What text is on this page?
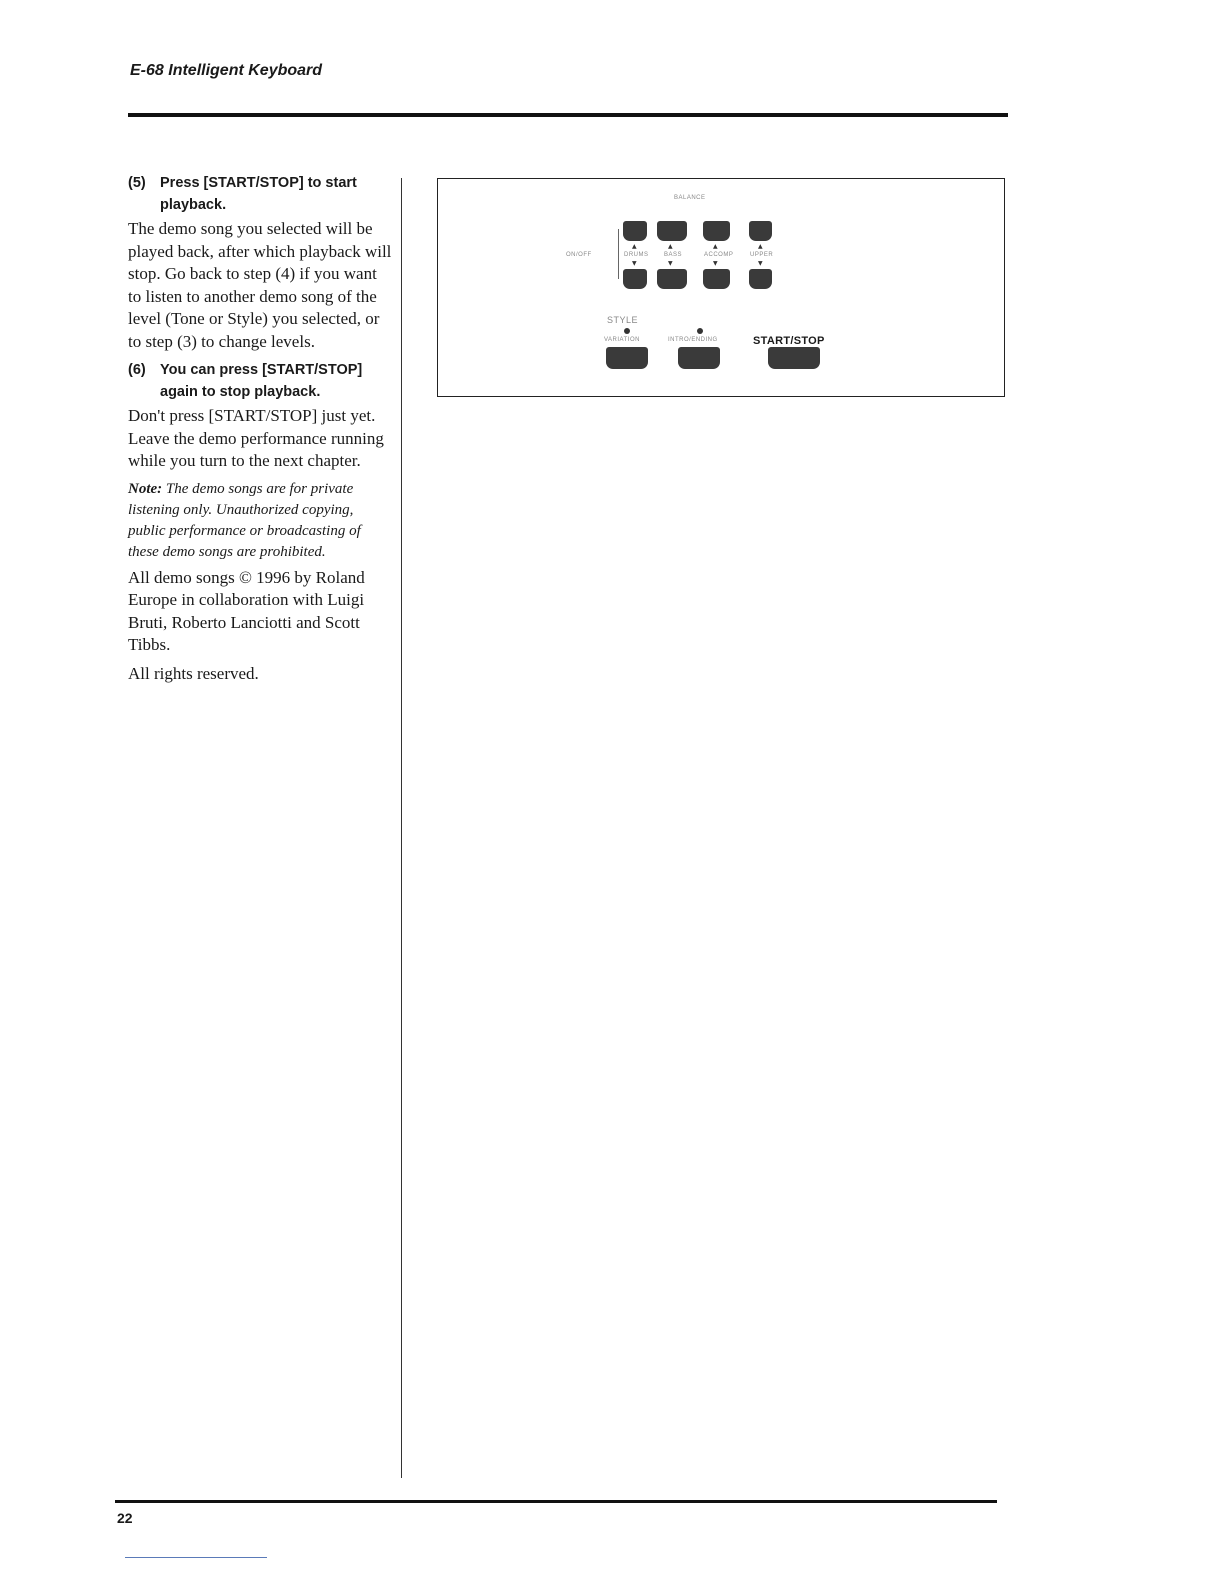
E-68 Intelligent Keyboard

(5) Press [START/STOP] to start
playback.

The demo song you selected will be played back, after which playback will stop. Go back to step (4) if you want to listen to another demo song of the level (Tone or Style) you selected, or to step (3) to change levels.

(6) You can press [START/STOP]
again to stop playback.

Don't press [START/STOP] just yet. Leave the demo performance running while you turn to the next chapter.

Note: The demo songs are for private listening only. Unauthorized copying, public performance or broadcasting of these demo songs are prohibited.

All demo songs © 1996 by Roland Europe in collaboration with Luigi Bruti, Roberto Lanciotti and Scott Tibbs.

All rights reserved.

BALANCE
ON/OFF
▲	▲	▲	▲
DRUMS	BASS	ACCOMP	UPPER
▼	▼	▼	▼
STYLE
VARIATION	INTRO/ENDING	START/STOP
22
